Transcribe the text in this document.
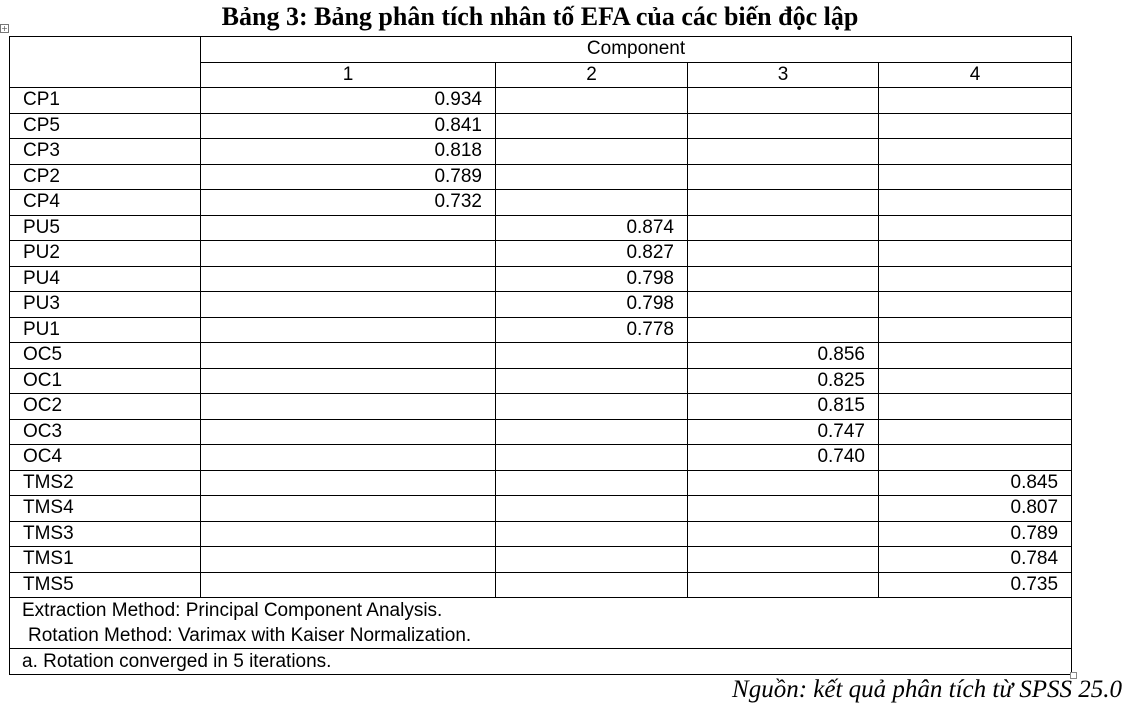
Bảng 3: Bảng phân tích nhân tố EFA của các biến độc lập
+
	Component			
	1	2	3	4
CP1	0.934			
CP5	0.841			
CP3	0.818			
CP2	0.789			
CP4	0.732			
PU5		0.874		
PU2		0.827		
PU4		0.798		
PU3		0.798		
PU1		0.778		
OC5			0.856	
OC1			0.825	
OC2			0.815	
OC3			0.747	
OC4			0.740	
TMS2				0.845
TMS4				0.807
TMS3				0.789
TMS1				0.784
TMS5				0.735

Extraction Method: Principal Component Analysis.
Rotation Method: Varimax with Kaiser Normalization.				

a. Rotation converged in 5 iterations.				
Nguồn: kết quả phân tích từ SPSS 25.0
